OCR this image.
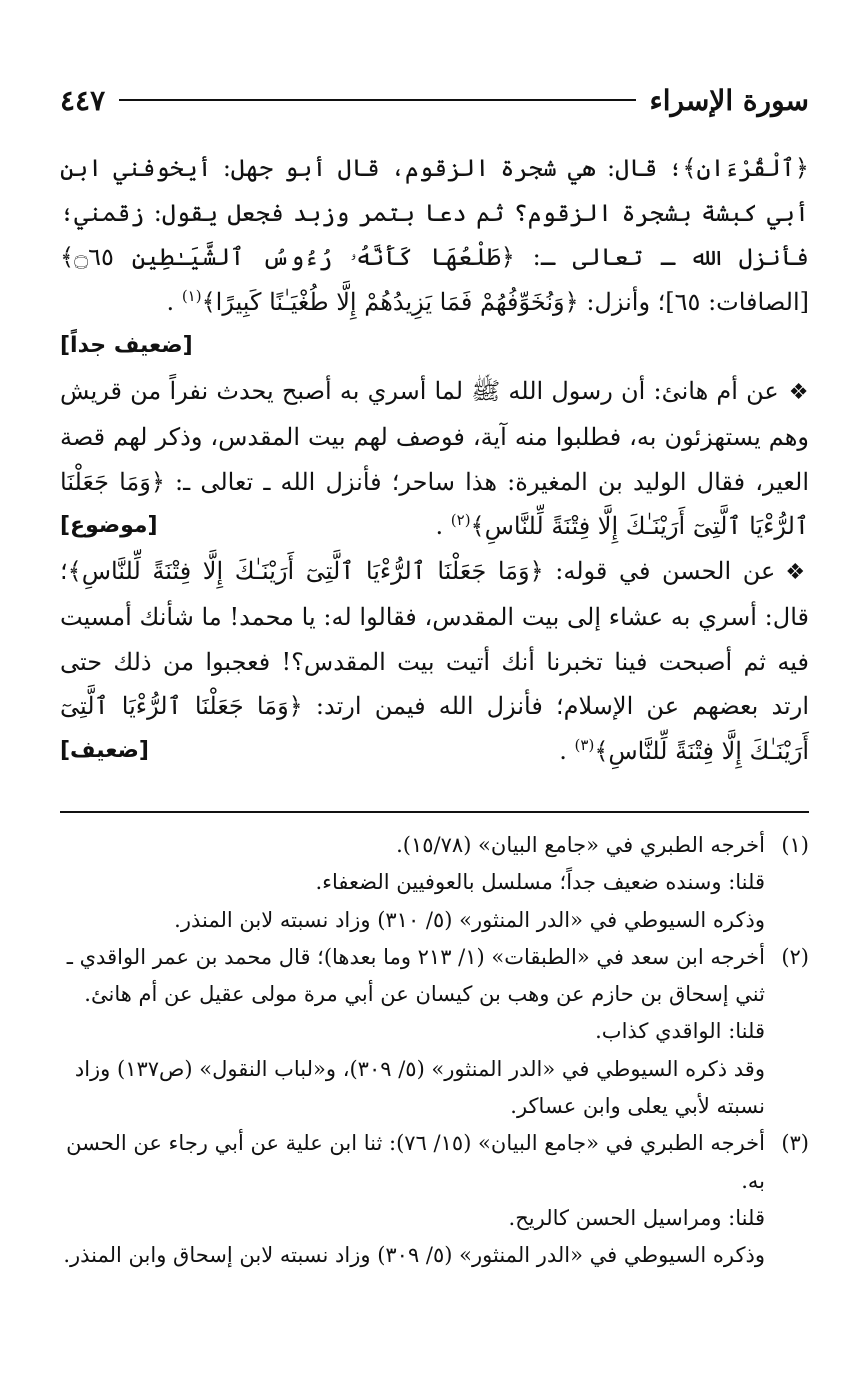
سورة الإسراء
٤٤٧

﴿ٱلْقُرْءَانِ﴾؛ قال: هي شجرة الزقوم، قال أبو جهل: أيخوفني ابن أبي كبشة بشجرة الزقوم؟ ثم دعا بتمر وزبد فجعل يقول: زقمني؛ فأنزل الله ـ تعالى ـ: ﴿طَلْعُهَا كَأَنَّهُۥ رُءُوسُ ٱلشَّيَـٰطِينِ ۝٦٥﴾ [الصافات: ٦٥]؛ وأنزل: ﴿وَنُخَوِّفُهُمْ فَمَا يَزِيدُهُمْ إِلَّا طُغْيَـٰنًا كَبِيرًا﴾$^{(١)}$ .
[ضعيف جداً]

❖عن أم هانئ: أن رسول الله ﷺ لما أسري به أصبح يحدث نفراً من قريش وهم يستهزئون به، فطلبوا منه آية، فوصف لهم بيت المقدس، وذكر لهم قصة العير، فقال الوليد بن المغيرة: هذا ساحر؛ فأنزل الله ـ تعالى ـ: ﴿وَمَا جَعَلْنَا ٱلرُّءْيَا ٱلَّتِىٓ أَرَيْنَـٰكَ إِلَّا فِتْنَةً لِّلنَّاسِ﴾$^{(٢)}$ .
[موضوع]

❖عن الحسن في قوله: ﴿وَمَا جَعَلْنَا ٱلرُّءْيَا ٱلَّتِىٓ أَرَيْنَـٰكَ إِلَّا فِتْنَةً لِّلنَّاسِ﴾؛ قال: أسري به عشاء إلى بيت المقدس، فقالوا له: يا محمد! ما شأنك أمسيت فيه ثم أصبحت فينا تخبرنا أنك أتيت بيت المقدس؟! فعجبوا من ذلك حتى ارتد بعضهم عن الإسلام؛ فأنزل الله فيمن ارتد: ﴿وَمَا جَعَلْنَا ٱلرُّءْيَا ٱلَّتِىٓ أَرَيْنَـٰكَ إِلَّا فِتْنَةً لِّلنَّاسِ﴾$^{(٣)}$ .
[ضعيف]

(١)
أخرجه الطبري في «جامع البيان» (١٥/٧٨).
قلنا: وسنده ضعيف جداً؛ مسلسل بالعوفيين الضعفاء.
وذكره السيوطي في «الدر المنثور» (٥/ ٣١٠) وزاد نسبته لابن المنذر.
(٢)
أخرجه ابن سعد في «الطبقات» (١/ ٢١٣ وما بعدها)؛ قال محمد بن عمر الواقدي ـ ثني إسحاق بن حازم عن وهب بن كيسان عن أبي مرة مولى عقيل عن أم هانئ.
قلنا: الواقدي كذاب.
وقد ذكره السيوطي في «الدر المنثور» (٥/ ٣٠٩)، و«لباب النقول» (ص١٣٧) وزاد نسبته لأبي يعلى وابن عساكر.
(٣)
أخرجه الطبري في «جامع البيان» (١٥/ ٧٦): ثنا ابن علية عن أبي رجاء عن الحسن به.
قلنا: ومراسيل الحسن كالريح.
وذكره السيوطي في «الدر المنثور» (٥/ ٣٠٩) وزاد نسبته لابن إسحاق وابن المنذر.
